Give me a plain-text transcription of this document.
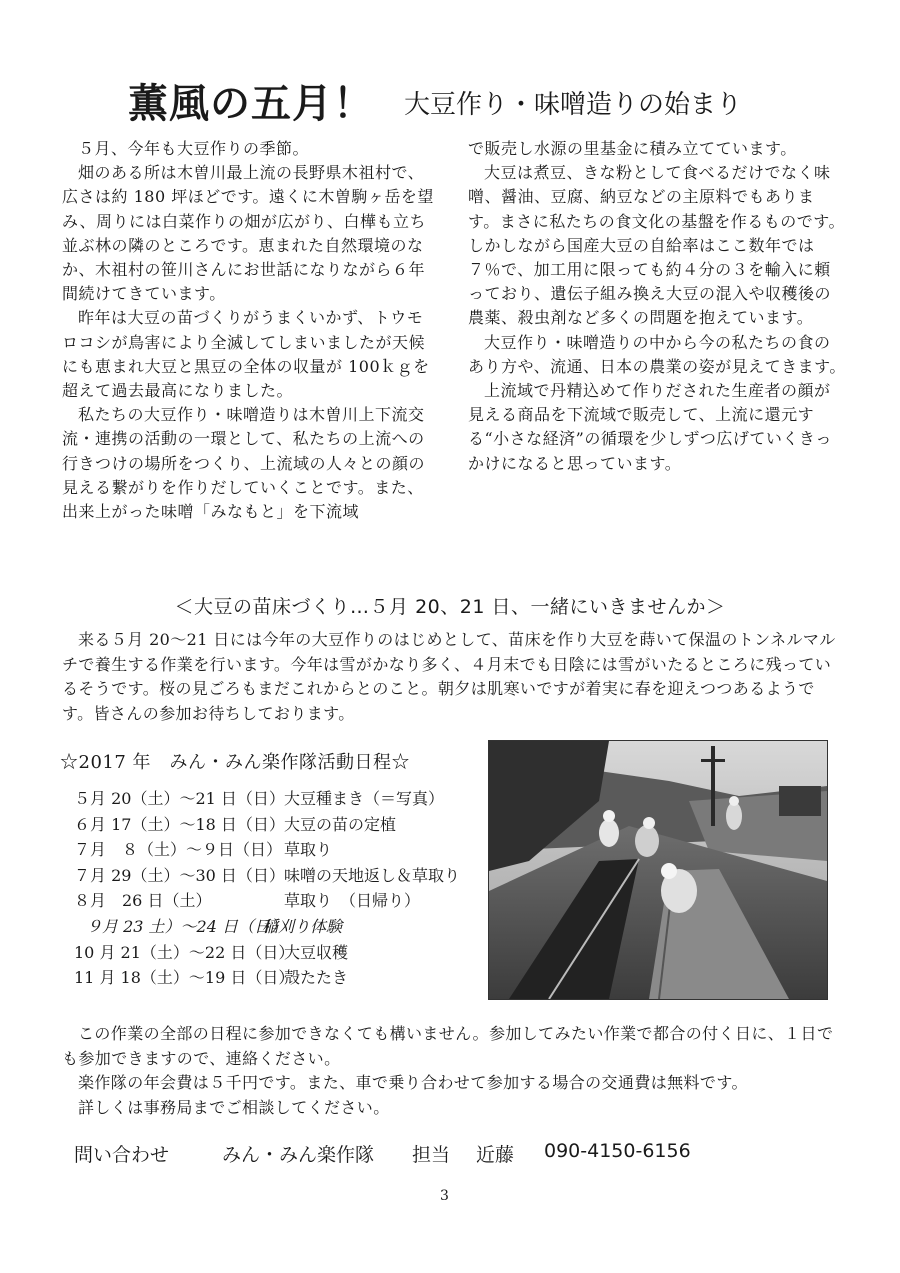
薫風の五月！ 大豆作り・味噌造りの始まり

５月、今年も大豆作りの季節。

畑のある所は木曽川最上流の長野県木祖村で、広さは約 180 坪ほどです。遠くに木曽駒ヶ岳を望み、周りには白菜作りの畑が広がり、白樺も立ち並ぶ林の隣のところです。恵まれた自然環境のなか、木祖村の笹川さんにお世話になりながら６年間続けてきています。

昨年は大豆の苗づくりがうまくいかず、トウモロコシが鳥害により全滅してしまいましたが天候にも恵まれ大豆と黒豆の全体の収量が 100ｋｇを超えて過去最高になりました。

私たちの大豆作り・味噌造りは木曽川上下流交流・連携の活動の一環として、私たちの上流への行きつけの場所をつくり、上流域の人々との顔の見える繋がりを作りだしていくことです。また、出来上がった味噌「みなもと」を下流域

で販売し水源の里基金に積み立てています。

大豆は煮豆、きな粉として食べるだけでなく味噌、醤油、豆腐、納豆などの主原料でもあります。まさに私たちの食文化の基盤を作るものです。しかしながら国産大豆の自給率はここ数年では７％で、加工用に限っても約４分の３を輸入に頼っており、遺伝子組み換え大豆の混入や収穫後の農薬、殺虫剤など多くの問題を抱えています。

大豆作り・味噌造りの中から今の私たちの食のあり方や、流通、日本の農業の姿が見えてきます。

上流域で丹精込めて作りだされた生産者の顔が見える商品を下流域で販売して、上流に還元する“小さな経済”の循環を少しずつ広げていくきっかけになると思っています。

＜大豆の苗床づくり…５月 20、21 日、一緒にいきませんか＞

来る５月 20～21 日には今年の大豆作りのはじめとして、苗床を作り大豆を蒔いて保温のトンネルマルチで養生する作業を行います。今年は雪がかなり多く、４月末でも日陰には雪がいたるところに残っているそうです。桜の見ごろもまだこれからとのこと。朝夕は肌寒いですが着実に春を迎えつつあるようです。皆さんの参加お待ちしております。

☆2017 年　みん・みん楽作隊活動日程☆
５月 20（土）～21 日（日） 大豆種まき（＝写真）
６月 17（土）～18 日（日） 大豆の苗の定植
７月　８（土）～９日（日） 草取り
７月 29（土）～30 日（日） 味噌の天地返し＆草取り
８月　26 日（土）	草取り　（日帰り）
９月 23 土）～24 日（日）
稲刈り体験
10 月 21（土）～22 日（日）
大豆収穫
11 月 18（土）～19 日（日）
殻たたき

この作業の全部の日程に参加できなくても構いません。参加してみたい作業で都合の付く日に、１日でも参加できますので、連絡ください。

楽作隊の年会費は５千円です。また、車で乗り合わせて参加する場合の交通費は無料です。

詳しくは事務局までご相談してください。

問い合わせ	みん・みん楽作隊 担当 近藤 090-4150-6156
3
